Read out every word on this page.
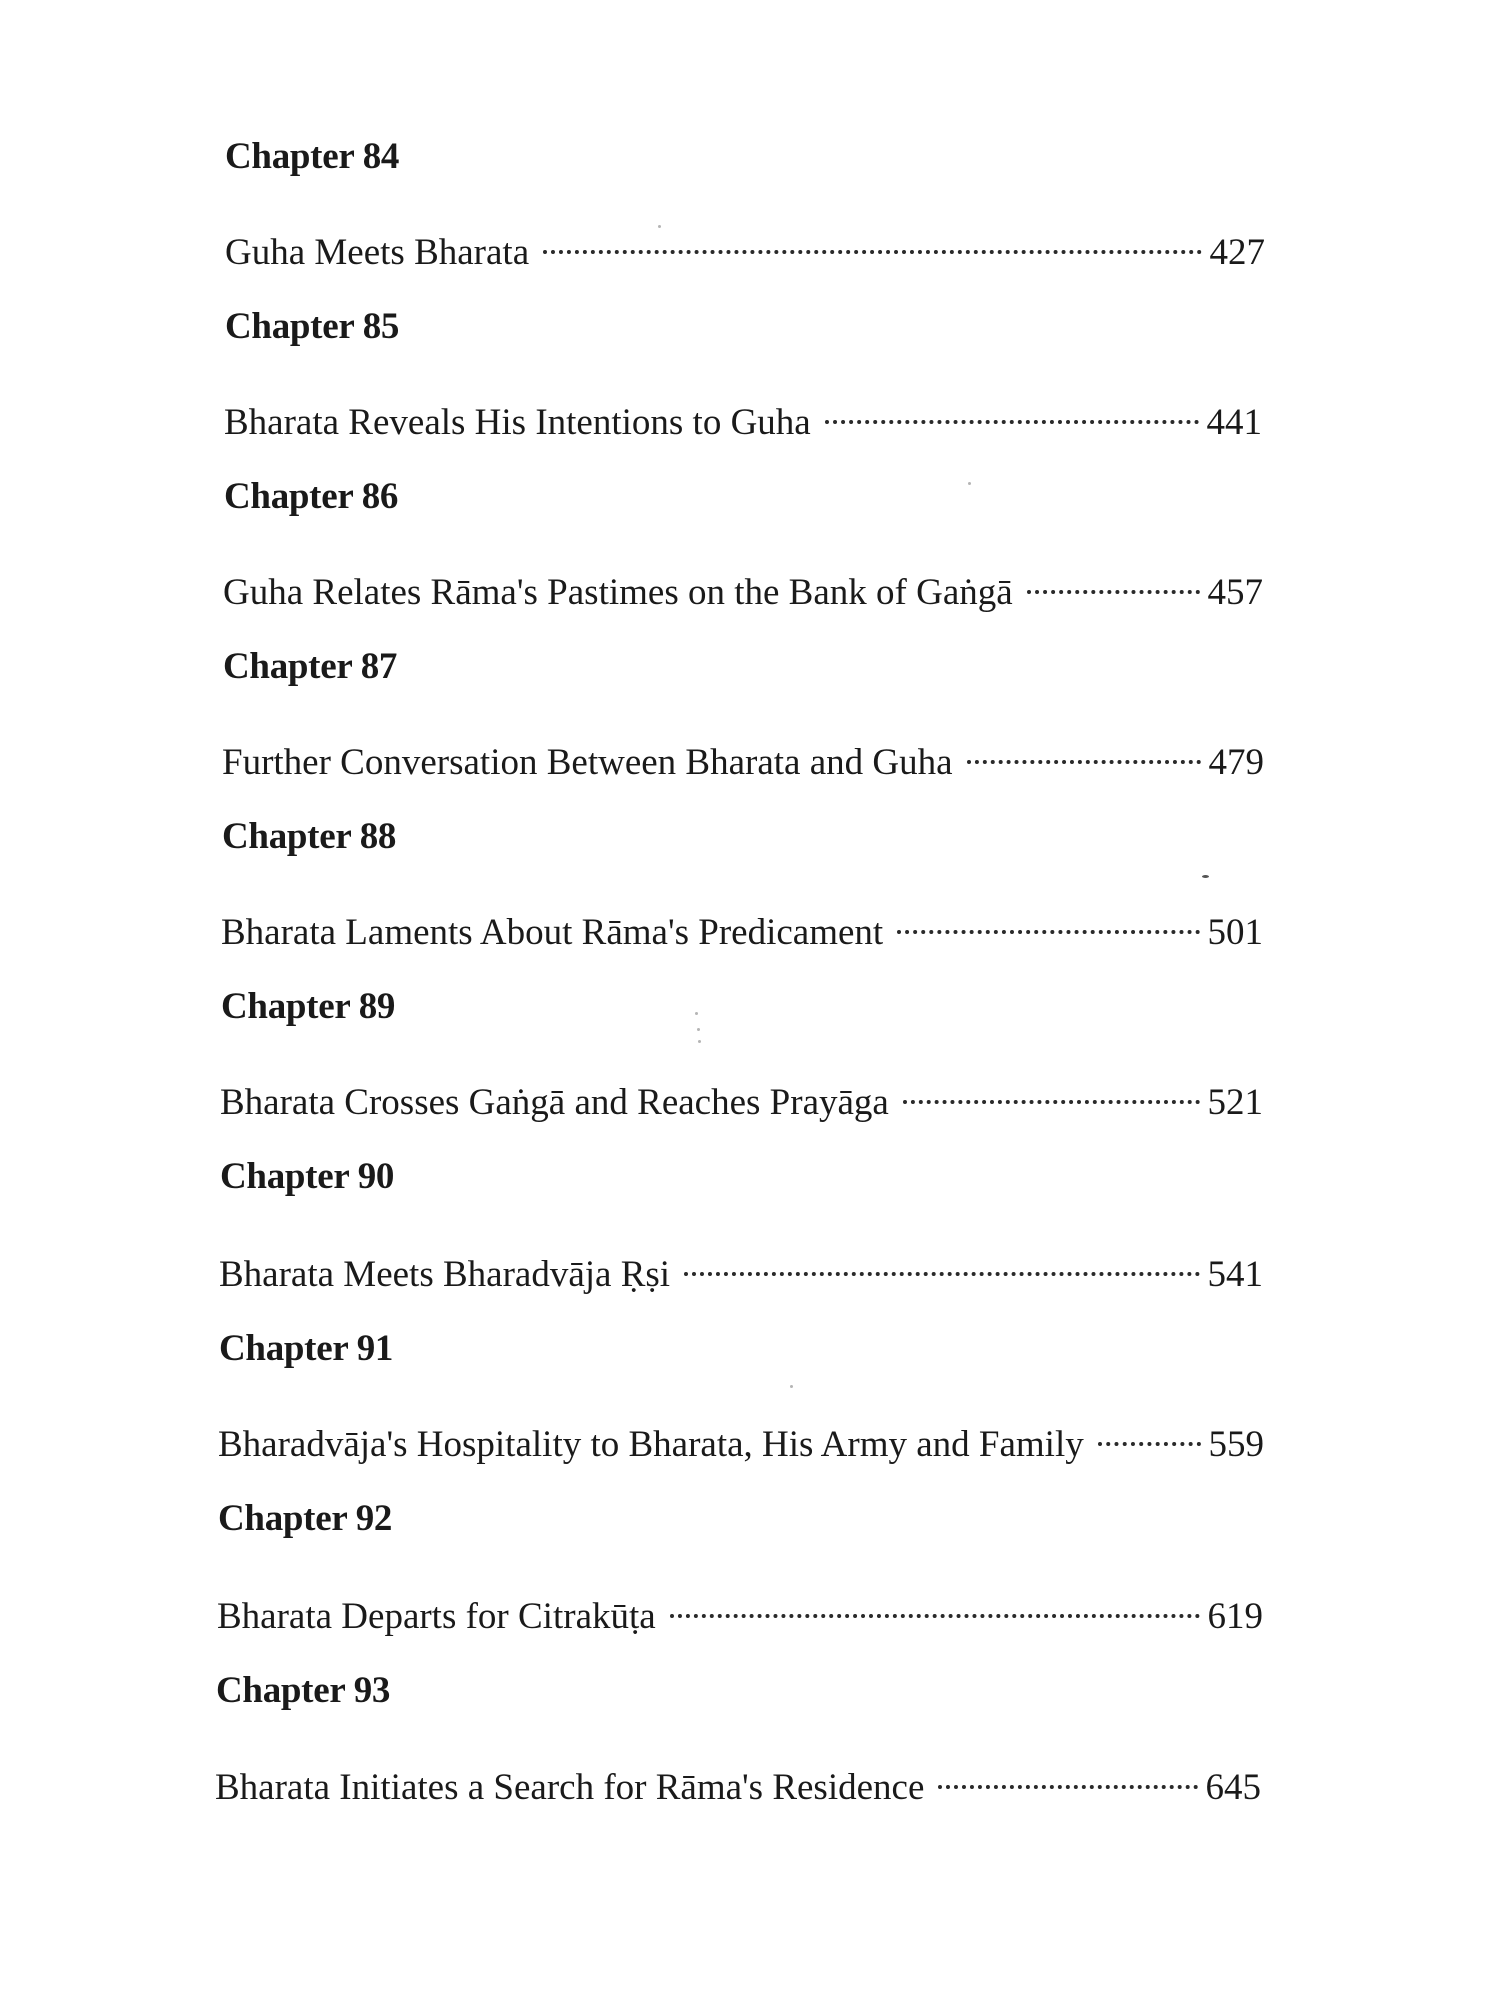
Chapter 84
Guha Meets Bharata	427
Chapter 85
Bharata Reveals His Intentions to Guha	441
Chapter 86
Guha Relates Rāma's Pastimes on the Bank of Gaṅgā	457
Chapter 87
Further Conversation Between Bharata and Guha	479
Chapter 88
Bharata Laments About Rāma's Predicament	501
Chapter 89
Bharata Crosses Gaṅgā and Reaches Prayāga	521
Chapter 90
Bharata Meets Bharadvāja Ṛṣi	541
Chapter 91
Bharadvāja's Hospitality to Bharata, His Army and Family	559
Chapter 92
Bharata Departs for Citrakūṭa	619
Chapter 93
Bharata Initiates a Search for Rāma's Residence	645
